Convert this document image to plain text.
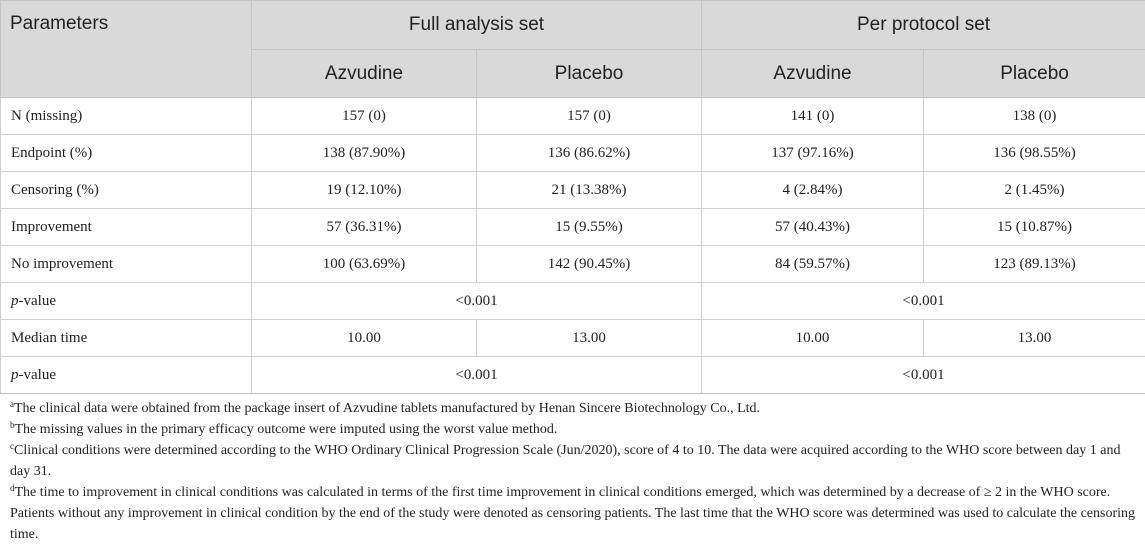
Parameters	Full analysis set		Per protocol set	
	Azvudine	Placebo	Azvudine	Placebo
N (missing)	157 (0)	157 (0)	141 (0)	138 (0)
Endpoint (%)	138 (87.90%)	136 (86.62%)	137 (97.16%)	136 (98.55%)
Censoring (%)	19 (12.10%)	21 (13.38%)	4 (2.84%)	2 (1.45%)
Improvement	57 (36.31%)	15 (9.55%)	57 (40.43%)	15 (10.87%)
No improvement	100 (63.69%)	142 (90.45%)	84 (59.57%)	123 (89.13%)
p-value	<0.001		<0.001	
Median time	10.00	13.00	10.00	13.00
p-value	<0.001		<0.001	

$^a$The clinical data were obtained from the package insert of Azvudine tablets manufactured by Henan Sincere Biotechnology Co., Ltd.

$^b$The missing values in the primary efficacy outcome were imputed using the worst value method.

$^c$Clinical conditions were determined according to the WHO Ordinary Clinical Progression Scale (Jun/2020), score of 4 to 10. The data were acquired according to the WHO score between day 1 and day 31.

$^d$The time to improvement in clinical conditions was calculated in terms of the first time improvement in clinical conditions emerged, which was determined by a decrease of ≥ 2 in the WHO score. Patients without any improvement in clinical condition by the end of the study were denoted as censoring patients. The last time that the WHO score was determined was used to calculate the censoring time.
